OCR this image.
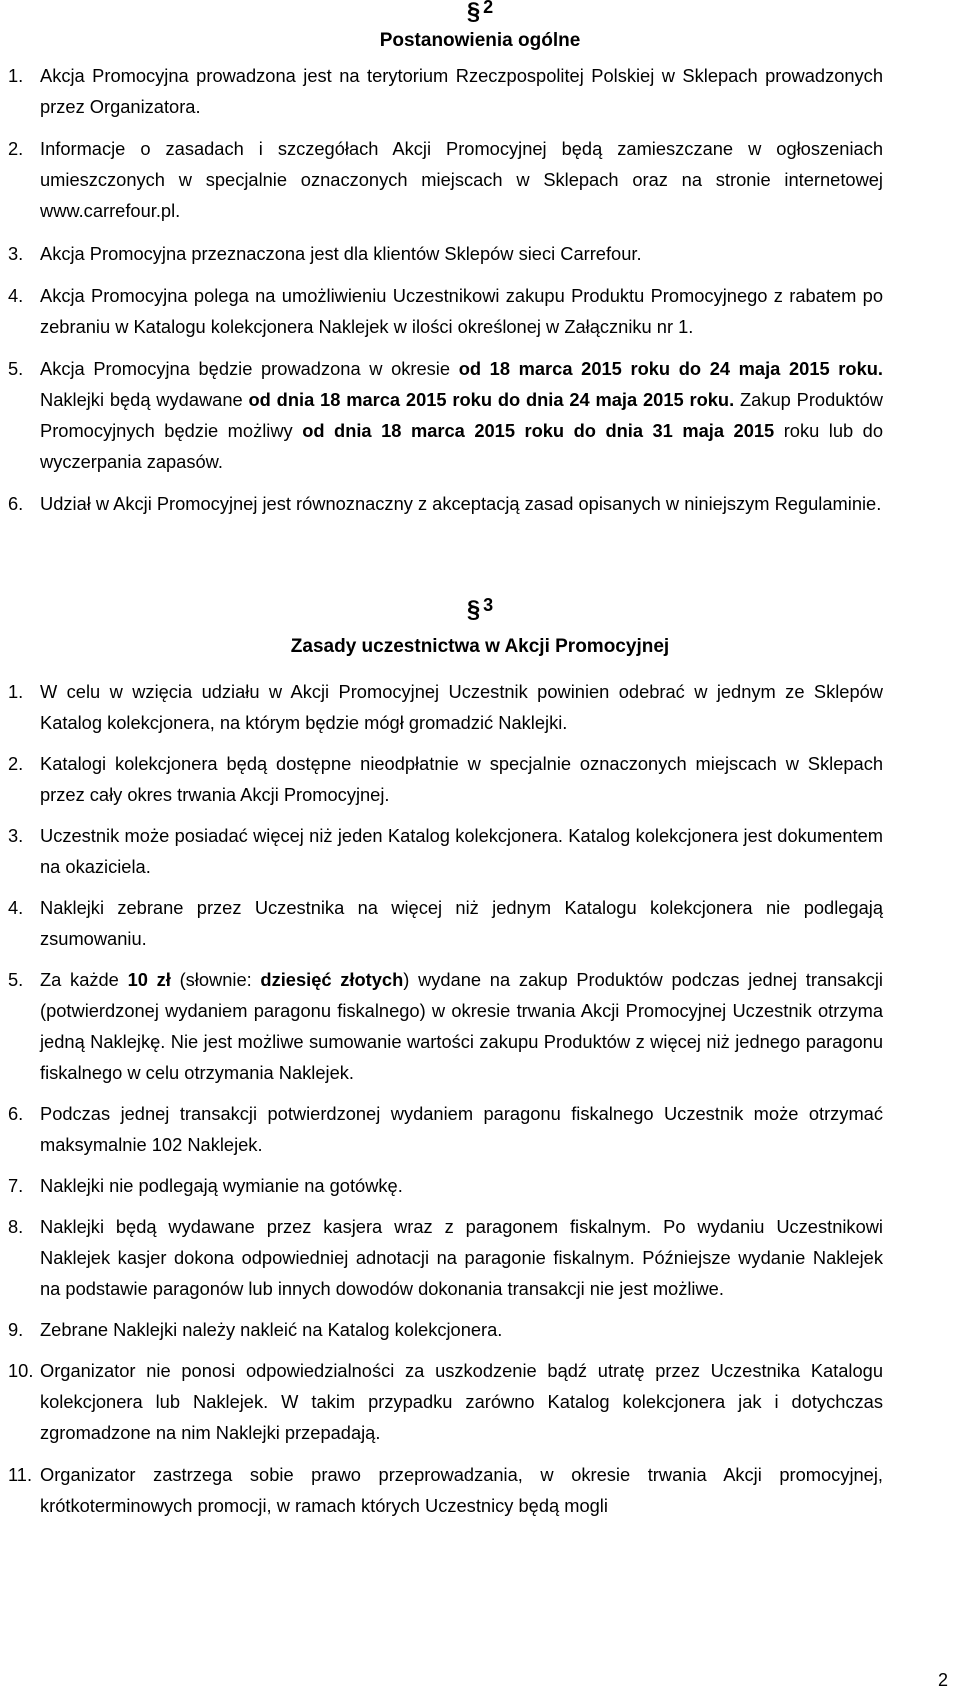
§ 2
Postanowienia ogólne
1. Akcja Promocyjna prowadzona jest na terytorium Rzeczpospolitej Polskiej w Sklepach prowadzonych przez Organizatora.
2. Informacje o zasadach i szczegółach Akcji Promocyjnej będą zamieszczane w ogłoszeniach umieszczonych w specjalnie oznaczonych miejscach w Sklepach oraz na stronie internetowej www.carrefour.pl.
3. Akcja Promocyjna przeznaczona jest dla klientów Sklepów sieci Carrefour.
4. Akcja Promocyjna polega na umożliwieniu Uczestnikowi zakupu Produktu Promocyjnego z rabatem po zebraniu w Katalogu kolekcjonera Naklejek w ilości określonej w Załączniku nr 1.
5. Akcja Promocyjna będzie prowadzona w okresie od 18 marca 2015 roku do 24 maja 2015 roku. Naklejki będą wydawane od dnia 18 marca 2015 roku do dnia 24 maja 2015 roku. Zakup Produktów Promocyjnych będzie możliwy od dnia 18 marca 2015 roku do dnia 31 maja 2015 roku lub do wyczerpania zapasów.
6. Udział w Akcji Promocyjnej jest równoznaczny z akceptacją zasad opisanych w niniejszym Regulaminie.
§ 3
Zasady uczestnictwa w Akcji Promocyjnej
1. W celu w wzięcia udziału w Akcji Promocyjnej Uczestnik powinien odebrać w jednym ze Sklepów Katalog kolekcjonera, na którym będzie mógł gromadzić Naklejki.
2. Katalogi kolekcjonera będą dostępne nieodpłatnie w specjalnie oznaczonych miejscach w Sklepach przez cały okres trwania Akcji Promocyjnej.
3. Uczestnik może posiadać więcej niż jeden Katalog kolekcjonera. Katalog kolekcjonera jest dokumentem na okaziciela.
4. Naklejki zebrane przez Uczestnika na więcej niż jednym Katalogu kolekcjonera nie podlegają zsumowaniu.
5. Za każde 10 zł (słownie: dziesięć złotych) wydane na zakup Produktów podczas jednej transakcji (potwierdzonej wydaniem paragonu fiskalnego) w okresie trwania Akcji Promocyjnej Uczestnik otrzyma jedną Naklejkę. Nie jest możliwe sumowanie wartości zakupu Produktów z więcej niż jednego paragonu fiskalnego w celu otrzymania Naklejek.
6. Podczas jednej transakcji potwierdzonej wydaniem paragonu fiskalnego Uczestnik może otrzymać maksymalnie 102 Naklejek.
7. Naklejki nie podlegają wymianie na gotówkę.
8. Naklejki będą wydawane przez kasjera wraz z paragonem fiskalnym. Po wydaniu Uczestnikowi Naklejek kasjer dokona odpowiedniej adnotacji na paragonie fiskalnym. Późniejsze wydanie Naklejek na podstawie paragonów lub innych dowodów dokonania transakcji nie jest możliwe.
9. Zebrane Naklejki należy nakleić na Katalog kolekcjonera.
10. Organizator nie ponosi odpowiedzialności za uszkodzenie bądź utratę przez Uczestnika Katalogu kolekcjonera lub Naklejek. W takim przypadku zarówno Katalog kolekcjonera jak i dotychczas zgromadzone na nim Naklejki przepadają.
11. Organizator zastrzega sobie prawo przeprowadzania, w okresie trwania Akcji promocyjnej, krótkoterminowych promocji, w ramach których Uczestnicy będą mogli
2
